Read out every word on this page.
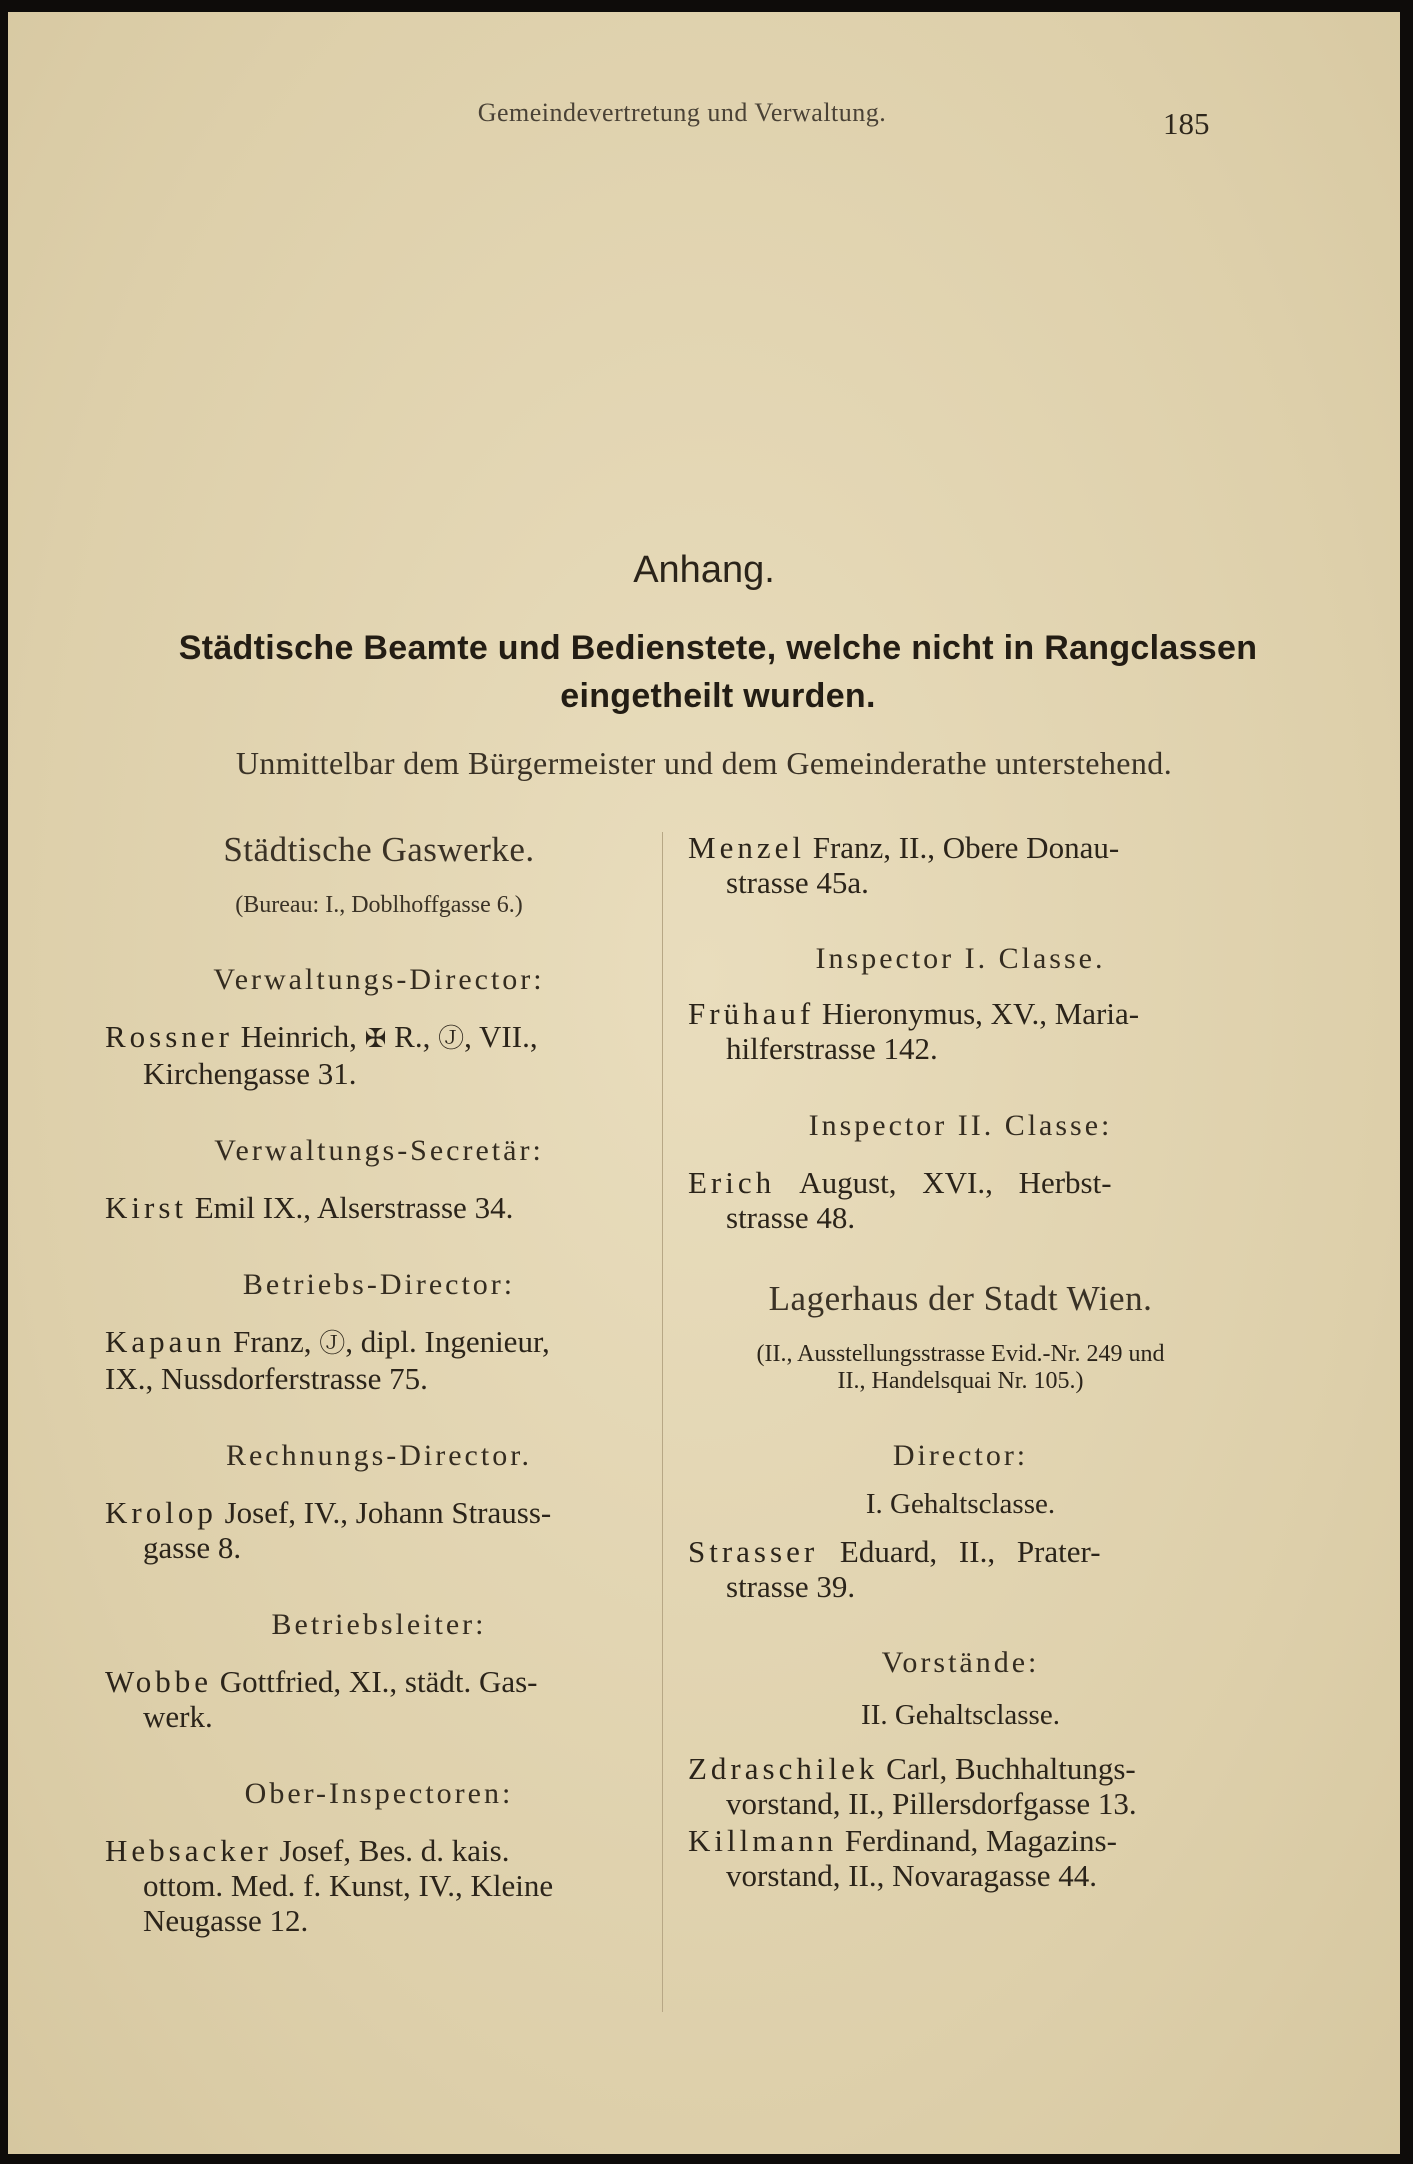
Gemeindevertretung und Verwaltung.	185
Anhang.
Städtische Beamte und Bedienstete, welche nicht in Rangclassen
eingetheilt wurden.
Unmittelbar dem Bürgermeister und dem Gemeinderathe unterstehend.
Städtische Gaswerke.
(Bureau: I., Doblhoffgasse 6.)
Verwaltungs-Director:
Rossner Heinrich, ✠ R., Ⓙ, VII.,
Kirchengasse 31.
Verwaltungs-Secretär:
Kirst Emil IX., Alserstrasse 34.
Betriebs-Director:
Kapaun Franz, Ⓙ, dipl. Ingenieur,
IX., Nussdorferstrasse 75.
Rechnungs-Director.
Krolop Josef, IV., Johann Strauss-
gasse 8.
Betriebsleiter:
Wobbe Gottfried, XI., städt. Gas-
werk.
Ober-Inspectoren:
Hebsacker Josef, Bes. d. kais.
ottom. Med. f. Kunst, IV., Kleine
Neugasse 12.
Menzel Franz, II., Obere Donau-
strasse 45a.
Inspector I. Classe.
Frühauf Hieronymus, XV., Maria-
hilferstrasse 142.
Inspector II. Classe:
Erich August, XVI., Herbst-
strasse 48.
Lagerhaus der Stadt Wien.
(II., Ausstellungsstrasse Evid.-Nr. 249 und
II., Handelsquai Nr. 105.)
Director:
I. Gehaltsclasse.
Strasser Eduard, II., Prater-
strasse 39.
Vorstände:
II. Gehaltsclasse.
Zdraschilek Carl, Buchhaltungs-
vorstand, II., Pillersdorfgasse 13.
Killmann Ferdinand, Magazins-
vorstand, II., Novaragasse 44.
